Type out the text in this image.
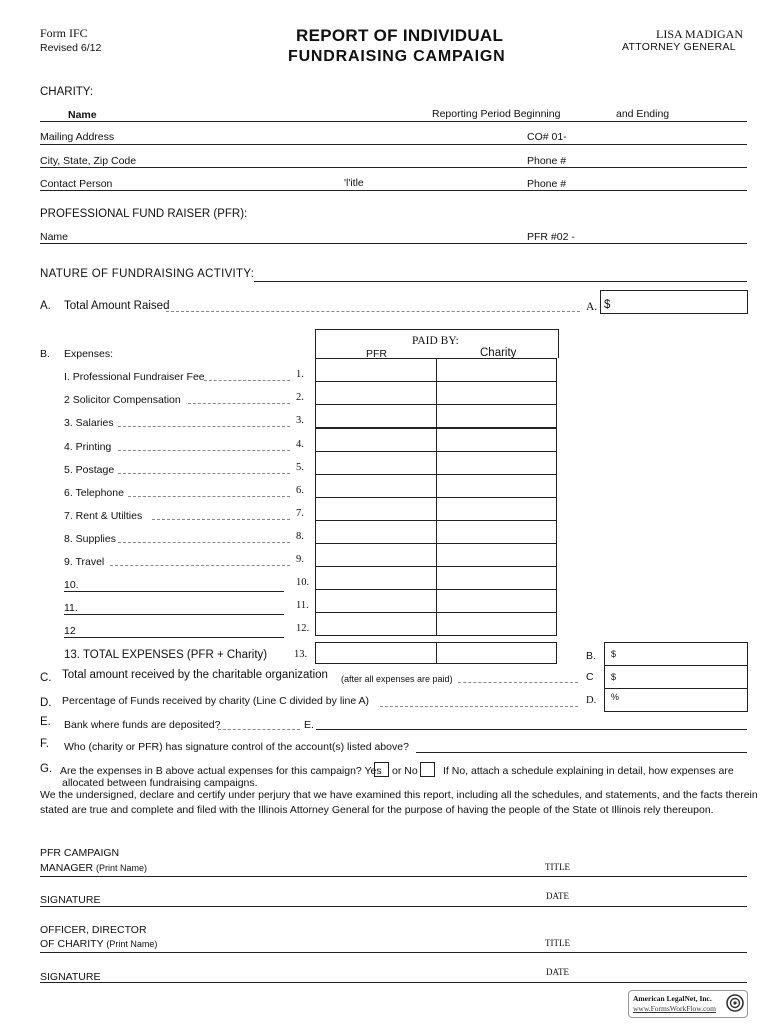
Form IFC
Revised 6/12
REPORT OF INDIVIDUAL
FUNDRAISING CAMPAIGN
LISA MADIGAN
ATTORNEY GENERAL
CHARITY:
Name	Reporting Period Beginning	and Ending
Mailing Address	CO# 01-
City, State, Zip Code	Phone #
Contact Person	'l'itle	Phone #
PROFESSIONAL FUND RAISER (PFR):
Name	PFR #02 -
NATURE OF FUNDRAISING ACTIVITY:
A. Total Amount Raised	A. $
PAID BY:
PFR	Charity
B. Expenses:
I. Professional Fundraiser Fee	1.
2 Solicitor Compensation	2.
3. Salaries	3.
4. Printing	4.
5. Postage	5.
6. Telephone	6.
7. Rent & Utilties	7.
8. Supplies	8.
9. Travel	9.
10.	10.
11.	11.
12	12.
13. TOTAL EXPENSES (PFR + Charity)	13.	B. $
C. Total amount received by the charitable organization (after all expenses are paid)	C $
D. Percentage of Funds received by charity (Line C divided by line A)	D. %
E. Bank where funds are deposited?	E.
F. Who (charity or PFR) has signature control of the account(s) listed above?
G. Are the expenses in B above actual expenses for this campaign? Yes or No If No, attach a schedule explaining in detail, how expenses are
allocated between fundraising campaigns.
We the undersigned, declare and certify under perjury that we have examined this report, including all the schedules, and statements, and the facts therein
stated are true and complete and filed with the Illinois Attorney General for the purpose of having the people of the State ot Illinois rely thereupon.
PFR CAMPAIGN
MANAGER (Print Name)	TITLE
SIGNATURE	DATE
OFFICER, DIRECTOR
OF CHARITY (Print Name)	TITLE
SIGNATURE	DATE
American LegalNet, Inc.
www.FormsWorkFlow.com
